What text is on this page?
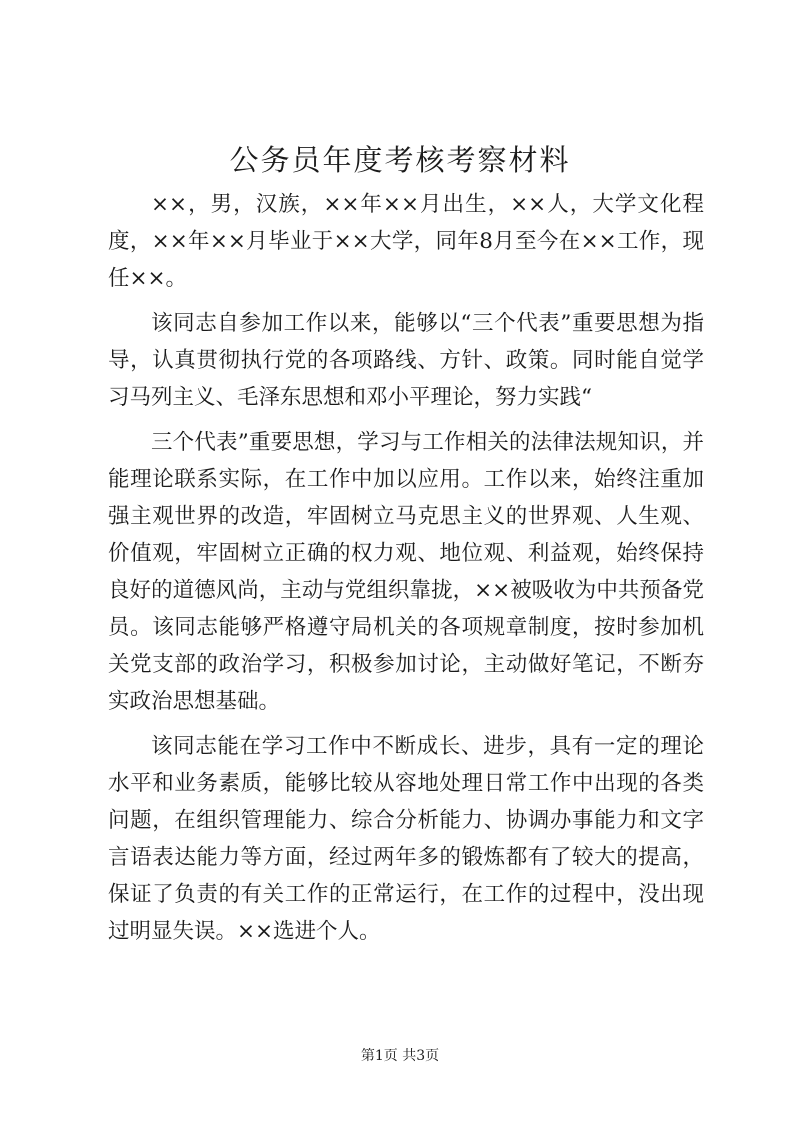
公务员年度考核考察材料

××，男，汉族，××年××月出生，××人，大学文化程度，××年××月毕业于××大学，同年8月至今在××工作，现任××。

该同志自参加工作以来，能够以“三个代表”重要思想为指导，认真贯彻执行党的各项路线、方针、政策。同时能自觉学习马列主义、毛泽东思想和邓小平理论，努力实践“

三个代表”重要思想，学习与工作相关的法律法规知识，并能理论联系实际，在工作中加以应用。工作以来，始终注重加强主观世界的改造，牢固树立马克思主义的世界观、人生观、价值观，牢固树立正确的权力观、地位观、利益观，始终保持良好的道德风尚，主动与党组织靠拢，××被吸收为中共预备党员。该同志能够严格遵守局机关的各项规章制度，按时参加机关党支部的政治学习，积极参加讨论，主动做好笔记，不断夯实政治思想基础。

该同志能在学习工作中不断成长、进步，具有一定的理论水平和业务素质，能够比较从容地处理日常工作中出现的各类问题，在组织管理能力、综合分析能力、协调办事能力和文字言语表达能力等方面，经过两年多的锻炼都有了较大的提高，保证了负责的有关工作的正常运行，在工作的过程中，没出现过明显失误。××选进个人。

第1页 共3页
